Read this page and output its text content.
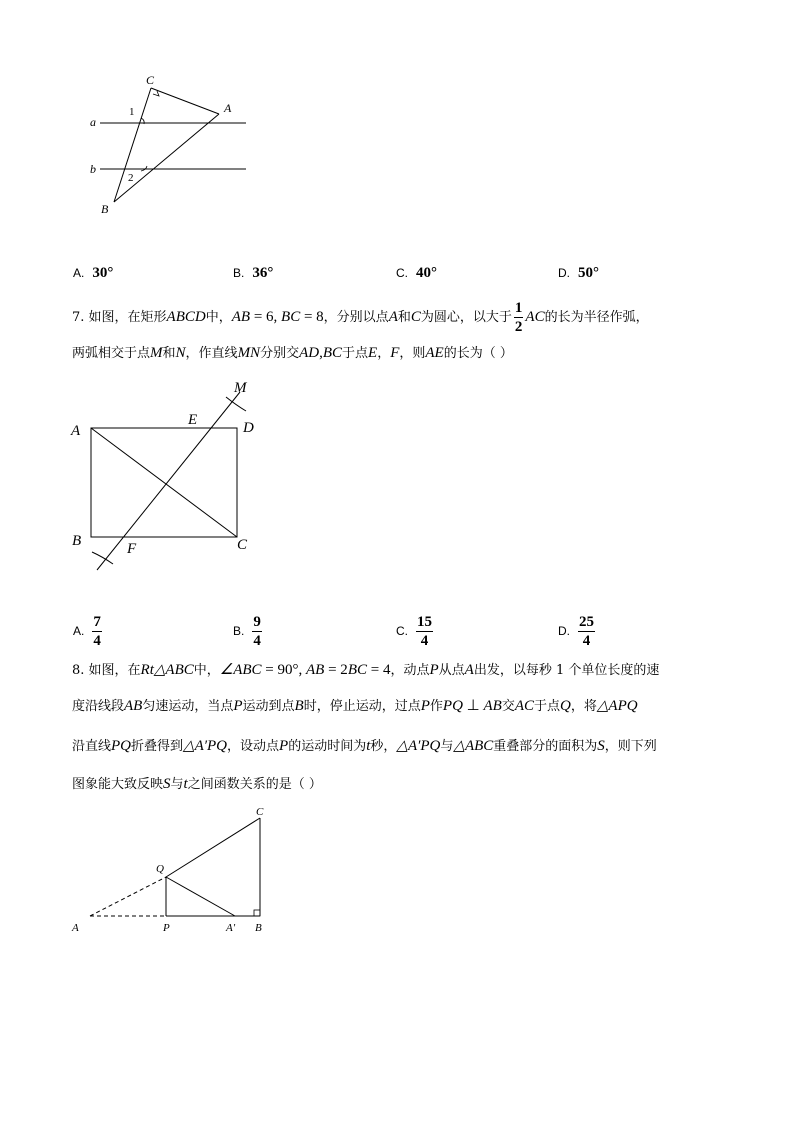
C
A
a
b
1
2
B
A. 30°	B. 36°	C. 40°	D. 50°
7. 如图，在矩形ABCD中，AB = 6, BC = 8，分别以点A和C为圆心，以大于 $\frac{1}{2}$ AC的长为半径作弧，
两弧相交于点M和N，作直线MN分别交AD,BC于点E，F，则AE的长为（ ）
M
E	D
A
B	F	C
A. $\frac{7}{4}$	B. $\frac{9}{4}$	C. $\frac{15}{4}$	D. $\frac{25}{4}$
8. 如图，在Rt△ABC中，∠ABC = 90°, AB = 2BC = 4，动点P从点A出发，以每秒 1 个单位长度的速
度沿线段AB匀速运动，当点P运动到点B时，停止运动，过点P作PQ ⊥ AB交AC于点Q，将△APQ
沿直线PQ折叠得到△A′PQ，设动点P的运动时间为t秒，△A′PQ与△ABC重叠部分的面积为S，则下列
图象能大致反映S与t之间函数关系的是（ ）
C
Q
A	P	A′ B
